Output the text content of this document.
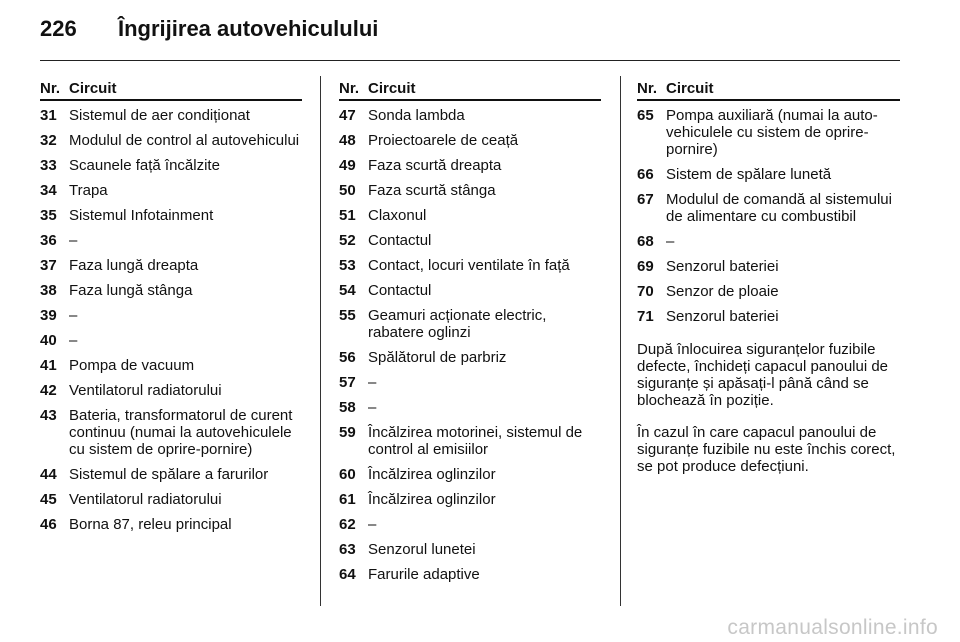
226	Îngrijirea autovehiculului
Nr. Circuit
31 Sistemul de aer condiționat
32 Modulul de control al autovehicului
33 Scaunele față încălzite
34 Trapa
35 Sistemul Infotainment
36 –
37 Faza lungă dreapta
38 Faza lungă stânga
39 –
40 –
41 Pompa de vacuum
42 Ventilatorul radiatorului
43 Bateria, transformatorul de curent continuu (numai la autovehiculele cu sistem de oprire-pornire)
44 Sistemul de spălare a farurilor
45 Ventilatorul radiatorului
46 Borna 87, releu principal
Nr. Circuit
47 Sonda lambda
48 Proiectoarele de ceață
49 Faza scurtă dreapta
50 Faza scurtă stânga
51 Claxonul
52 Contactul
53 Contact, locuri ventilate în față
54 Contactul
55 Geamuri acționate electric, rabatere oglinzi
56 Spălătorul de parbriz
57 –
58 –
59 Încălzirea motorinei, sistemul de control al emisiilor
60 Încălzirea oglinzilor
61 Încălzirea oglinzilor
62 –
63 Senzorul lunetei
64 Farurile adaptive
Nr. Circuit
65 Pompa auxiliară (numai la autovehiculele cu sistem de oprire-pornire)
66 Sistem de spălare lunetă
67 Modulul de comandă al sistemului de alimentare cu combustibil
68 –
69 Senzorul bateriei
70 Senzor de ploaie
71 Senzorul bateriei

După înlocuirea siguranțelor fuzibile defecte, închideți capacul panoului de siguranțe și apăsați-l până când se blochează în poziție.

În cazul în care capacul panoului de siguranțe fuzibile nu este închis corect, se pot produce defecțiuni.

carmanualsonline.info
